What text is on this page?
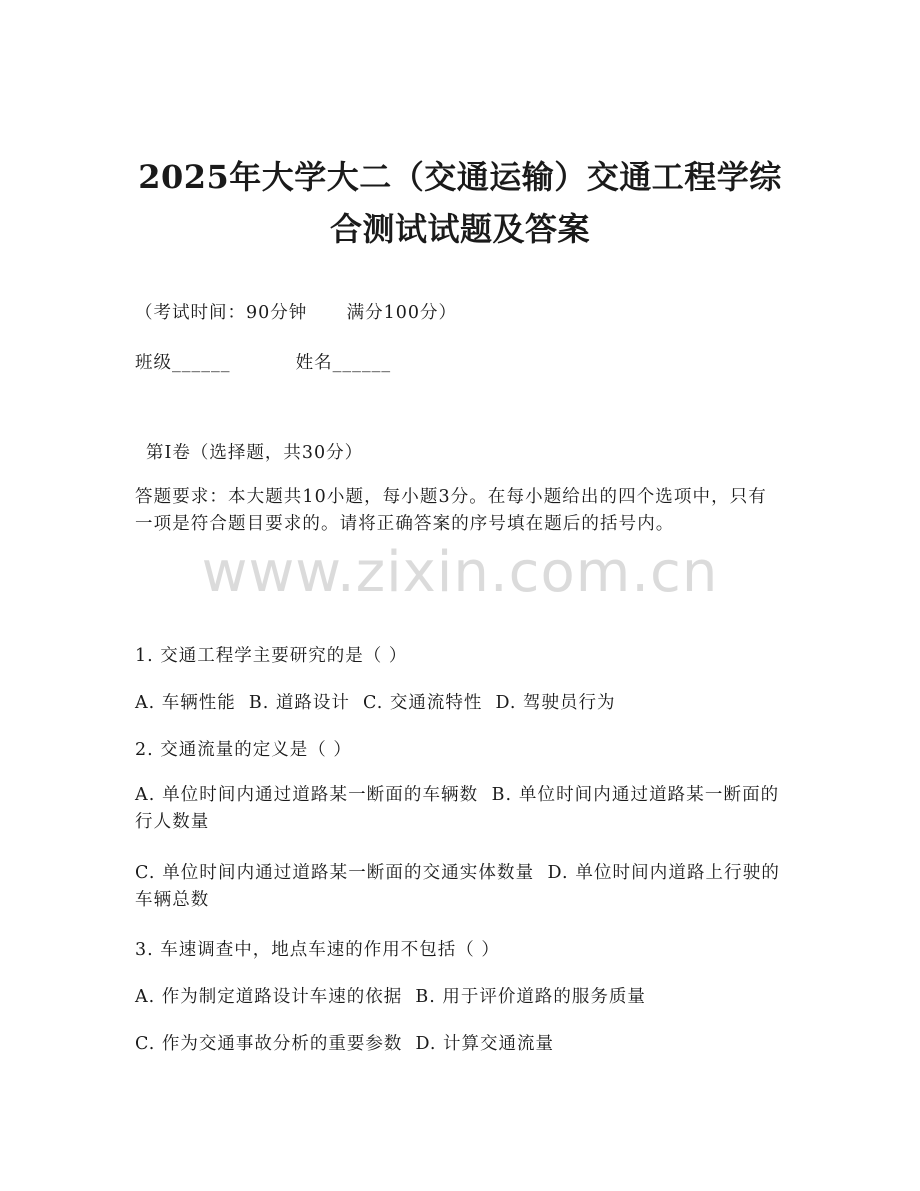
2025年大学大二（交通运输）交通工程学综
合测试试题及答案
（考试时间：90分钟      满分100分）
班级______	姓名______
第Ⅰ卷（选择题，共30分）
答题要求：本大题共10小题，每小题3分。在每小题给出的四个选项中，只有一项是符合题目要求的。请将正确答案的序号填在题后的括号内。
www.zixin.com.cn
1. 交通工程学主要研究的是（ ）
A. 车辆性能  B. 道路设计  C. 交通流特性  D. 驾驶员行为
2. 交通流量的定义是（ ）
A. 单位时间内通过道路某一断面的车辆数  B. 单位时间内通过道路某一断面的行人数量
C. 单位时间内通过道路某一断面的交通实体数量  D. 单位时间内道路上行驶的车辆总数
3. 车速调查中，地点车速的作用不包括（ ）
A. 作为制定道路设计车速的依据  B. 用于评价道路的服务质量
C. 作为交通事故分析的重要参数  D. 计算交通流量
